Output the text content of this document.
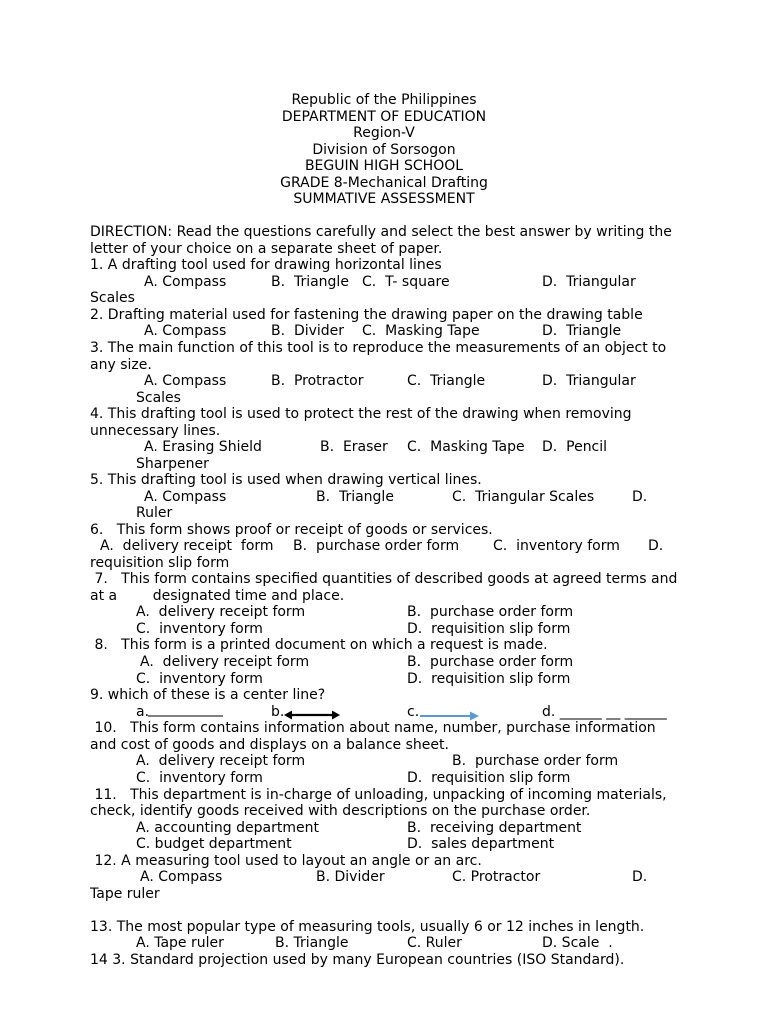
Republic of the Philippines
DEPARTMENT OF EDUCATION
Region-V
Division of Sorsogon
BEGUIN HIGH SCHOOL
GRADE 8-Mechanical Drafting
SUMMATIVE ASSESSMENT
DIRECTION: Read the questions carefully and select the best answer by writing the
letter of your choice on a separate sheet of paper.
1. A drafting tool used for drawing horizontal lines
A. Compass	B.  Triangle C.  T- square	D.  Triangular
Scales
2. Drafting material used for fastening the drawing paper on the drawing table
A. Compass	B.  Divider C.  Masking Tape	D.  Triangle
3. The main function of this tool is to reproduce the measurements of an object to
any size.
A. Compass	B.  Protractor	C.  Triangle	D.  Triangular
Scales
4. This drafting tool is used to protect the rest of the drawing when removing
unnecessary lines.
A. Erasing Shield	B.  Eraser C.  Masking Tape D.  Pencil
Sharpener
5. This drafting tool is used when drawing vertical lines.
A. Compass	B.  Triangle	C.  Triangular Scales	D.
Ruler
6.   This form shows proof or receipt of goods or services.
A.  delivery receipt  form B.  purchase order form C.  inventory form D.
requisition slip form
7.   This form contains specified quantities of described goods at agreed terms and
at a        designated time and place.
A.  delivery receipt form	B.  purchase order form
C.  inventory form	D.  requisition slip form
8.   This form is a printed document on which a request is made.
A.  delivery receipt form	B.  purchase order form
C.  inventory form	D.  requisition slip form
9. which of these is a center line?
a.	b.	c.	d. ______ __ ______
10.   This form contains information about name, number, purchase information
and cost of goods and displays on a balance sheet.
A.  delivery receipt form	B.  purchase order form
C.  inventory form	D.  requisition slip form
11.   This department is in-charge of unloading, unpacking of incoming materials,
check, identify goods received with descriptions on the purchase order.
A. accounting department	B.  receiving department
C. budget department	D.  sales department
12. A measuring tool used to layout an angle or an arc.
A. Compass	B. Divider	C. Protractor	D.
Tape ruler
13. The most popular type of measuring tools, usually 6 or 12 inches in length.
A. Tape ruler	B. Triangle	C. Ruler	D. Scale  .
14 3. Standard projection used by many European countries (ISO Standard).
